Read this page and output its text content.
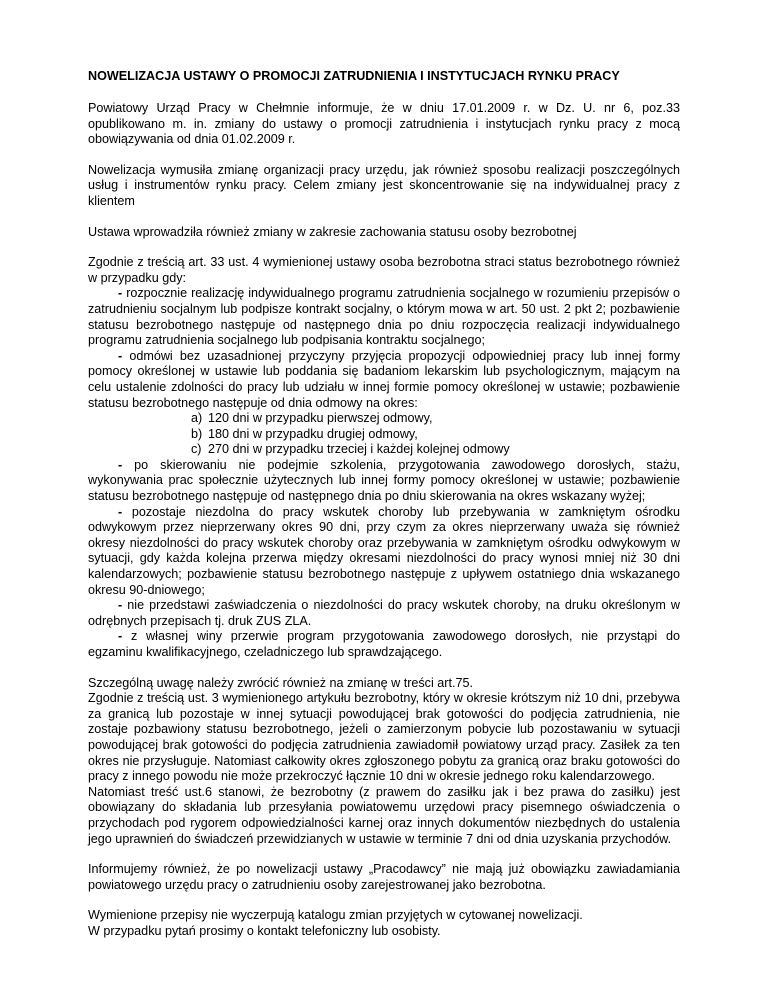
NOWELIZACJA USTAWY O PROMOCJI ZATRUDNIENIA I INSTYTUCJACH RYNKU PRACY

Powiatowy Urząd Pracy w Chełmnie informuje, że w dniu 17.01.2009 r. w Dz. U. nr 6, poz.33 opublikowano m. in. zmiany do ustawy o promocji zatrudnienia i instytucjach rynku pracy z mocą obowiązywania od dnia 01.02.2009 r.

Nowelizacja wymusiła zmianę organizacji pracy urzędu, jak również sposobu realizacji poszczególnych usług i instrumentów rynku pracy. Celem zmiany jest skoncentrowanie się na indywidualnej pracy z klientem

Ustawa wprowadziła również zmiany w zakresie zachowania statusu osoby bezrobotnej

Zgodnie z treścią art. 33 ust. 4 wymienionej ustawy osoba bezrobotna straci status bezrobotnego również w przypadku gdy:

- rozpocznie realizację indywidualnego programu zatrudnienia socjalnego w rozumieniu przepisów o zatrudnieniu socjalnym lub podpisze kontrakt socjalny, o którym mowa w art. 50 ust. 2 pkt 2; pozbawienie statusu bezrobotnego następuje od następnego dnia po dniu rozpoczęcia realizacji indywidualnego programu zatrudnienia socjalnego lub podpisania kontraktu socjalnego;

- odmówi bez uzasadnionej przyczyny przyjęcia propozycji odpowiedniej pracy lub innej formy pomocy określonej w ustawie lub poddania się badaniom lekarskim lub psychologicznym, mającym na celu ustalenie zdolności do pracy lub udziału w innej formie pomocy określonej w ustawie; pozbawienie statusu bezrobotnego następuje od dnia odmowy na okres:

a) 120 dni w przypadku pierwszej odmowy,
b) 180 dni w przypadku drugiej odmowy,
c) 270 dni w przypadku trzeciej i każdej kolejnej odmowy

- po skierowaniu nie podejmie szkolenia, przygotowania zawodowego dorosłych, stażu, wykonywania prac społecznie użytecznych lub innej formy pomocy określonej w ustawie; pozbawienie statusu bezrobotnego następuje od następnego dnia po dniu skierowania na okres wskazany wyżej;

- pozostaje niezdolna do pracy wskutek choroby lub przebywania w zamkniętym ośrodku odwykowym przez nieprzerwany okres 90 dni, przy czym za okres nieprzerwany uważa się również okresy niezdolności do pracy wskutek choroby oraz przebywania w zamkniętym ośrodku odwykowym w sytuacji, gdy każda kolejna przerwa między okresami niezdolności do pracy wynosi mniej niż 30 dni kalendarzowych; pozbawienie statusu bezrobotnego następuje z upływem ostatniego dnia wskazanego okresu 90-dniowego;

- nie przedstawi zaświadczenia o niezdolności do pracy wskutek choroby, na druku określonym w odrębnych przepisach tj. druk ZUS ZLA.

- z własnej winy przerwie program przygotowania zawodowego dorosłych, nie przystąpi do egzaminu kwalifikacyjnego, czeladniczego lub sprawdzającego.

Szczególną uwagę należy zwrócić również na zmianę w treści art.75.

Zgodnie z treścią ust. 3 wymienionego artykułu bezrobotny, który w okresie krótszym niż 10 dni, przebywa za granicą lub pozostaje w innej sytuacji powodującej brak gotowości do podjęcia zatrudnienia, nie zostaje pozbawiony statusu bezrobotnego, jeżeli o zamierzonym pobycie lub pozostawaniu w sytuacji powodującej brak gotowości do podjęcia zatrudnienia zawiadomił powiatowy urząd pracy. Zasiłek za ten okres nie przysługuje. Natomiast całkowity okres zgłoszonego pobytu za granicą oraz braku gotowości do pracy z innego powodu nie może przekroczyć łącznie 10 dni w okresie jednego roku kalendarzowego.

Natomiast treść ust.6 stanowi, że bezrobotny (z prawem do zasiłku jak i bez prawa do zasiłku) jest obowiązany do składania lub przesyłania powiatowemu urzędowi pracy pisemnego oświadczenia o przychodach pod rygorem odpowiedzialności karnej oraz innych dokumentów niezbędnych do ustalenia jego uprawnień do świadczeń przewidzianych w ustawie w terminie 7 dni od dnia uzyskania przychodów.

Informujemy również, że po nowelizacji ustawy „Pracodawcy” nie mają już obowiązku zawiadamiania powiatowego urzędu pracy o zatrudnieniu osoby zarejestrowanej jako bezrobotna.

Wymienione przepisy nie wyczerpują katalogu zmian przyjętych w cytowanej nowelizacji.

W przypadku pytań prosimy o kontakt telefoniczny lub osobisty.
